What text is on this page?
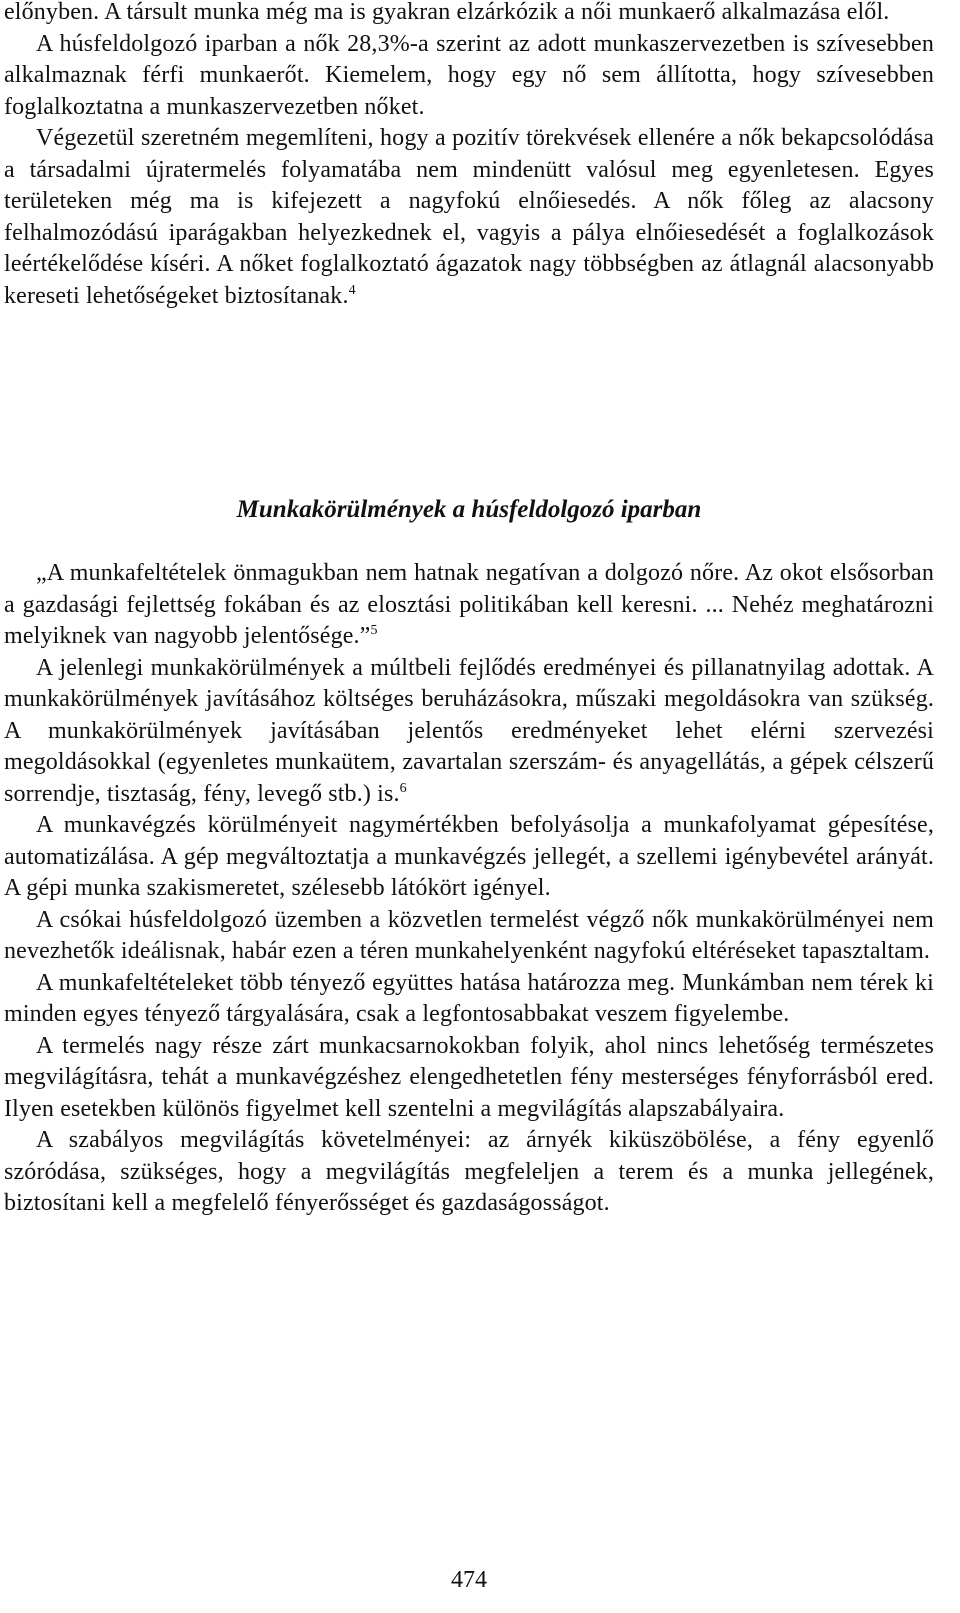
előnyben. A társult munka még ma is gyakran elzárkózik a női munkaerő alkalmazása elől.

A húsfeldolgozó iparban a nők 28,3%-a szerint az adott munkaszervezetben is szívesebben alkalmaznak férfi munkaerőt. Kiemelem, hogy egy nő sem állította, hogy szívesebben foglalkoztatna a munkaszervezetben nőket.

Végezetül szeretném megemlíteni, hogy a pozitív törekvések ellenére a nők bekapcsolódása a társadalmi újratermelés folyamatába nem mindenütt valósul meg egyenletesen. Egyes területeken még ma is kifejezett a nagyfokú elnőiesedés. A nők főleg az alacsony felhalmozódású iparágakban helyezkednek el, vagyis a pálya elnőiesedését a foglalkozások leértékelődése kíséri. A nőket foglalkoztató ágazatok nagy többségben az átlagnál alacsonyabb kereseti lehetőségeket biztosítanak.$^4$

Munkakörülmények a húsfeldolgozó iparban

„A munkafeltételek önmagukban nem hatnak negatívan a dolgozó nőre. Az okot elsősorban a gazdasági fejlettség fokában és az elosztási politikában kell keresni. ... Nehéz meghatározni melyiknek van nagyobb jelentősége.”$^5$

A jelenlegi munkakörülmények a múltbeli fejlődés eredményei és pillanatnyilag adottak. A munkakörülmények javításához költséges beruházásokra, műszaki megoldásokra van szükség. A munkakörülmények javításában jelentős eredményeket lehet elérni szervezési megoldásokkal (egyenletes munkaütem, zavartalan szerszám- és anyagellátás, a gépek célszerű sorrendje, tisztaság, fény, levegő stb.) is.$^6$

A munkavégzés körülményeit nagymértékben befolyásolja a munkafolyamat gépesítése, automatizálása. A gép megváltoztatja a munkavégzés jellegét, a szellemi igénybevétel arányát. A gépi munka szakismeretet, szélesebb látókört igényel.

A csókai húsfeldolgozó üzemben a közvetlen termelést végző nők munkakörülményei nem nevezhetők ideálisnak, habár ezen a téren munkahelyenként nagyfokú eltéréseket tapasztaltam.

A munkafeltételeket több tényező együttes hatása határozza meg. Munkámban nem térek ki minden egyes tényező tárgyalására, csak a legfontosabbakat veszem figyelembe.

A termelés nagy része zárt munkacsarnokokban folyik, ahol nincs lehetőség természetes megvilágításra, tehát a munkavégzéshez elengedhetetlen fény mesterséges fényforrásból ered. Ilyen esetekben különös figyelmet kell szentelni a megvilágítás alapszabályaira.

A szabályos megvilágítás követelményei: az árnyék kiküszöbölése, a fény egyenlő szóródása, szükséges, hogy a megvilágítás megfeleljen a terem és a munka jellegének, biztosítani kell a megfelelő fényerősséget és gazdaságosságot.

474
